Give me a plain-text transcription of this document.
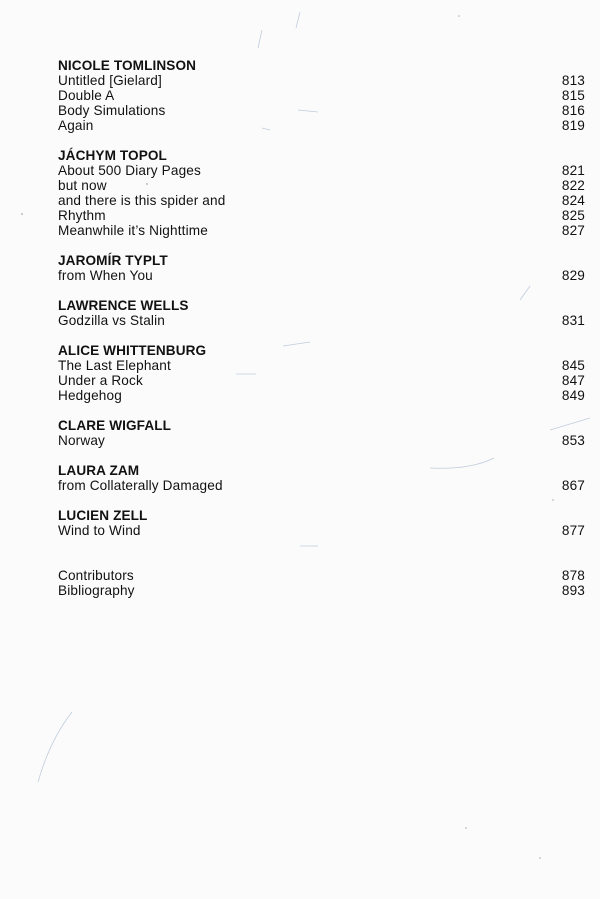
NICOLE TOMLINSON
Untitled [Gielard]	813
Double A	815
Body Simulations	816
Again	819
JÁCHYM TOPOL
About 500 Diary Pages	821
but now	822
and there is this spider and	824
Rhythm	825
Meanwhile it’s Nighttime	827
JAROMÍR TYPLT
from When You	829
LAWRENCE WELLS
Godzilla vs Stalin	831
ALICE WHITTENBURG
The Last Elephant	845
Under a Rock	847
Hedgehog	849
CLARE WIGFALL
Norway	853
LAURA ZAM
from Collaterally Damaged	867
LUCIEN ZELL
Wind to Wind	877
Contributors	878
Bibliography	893
